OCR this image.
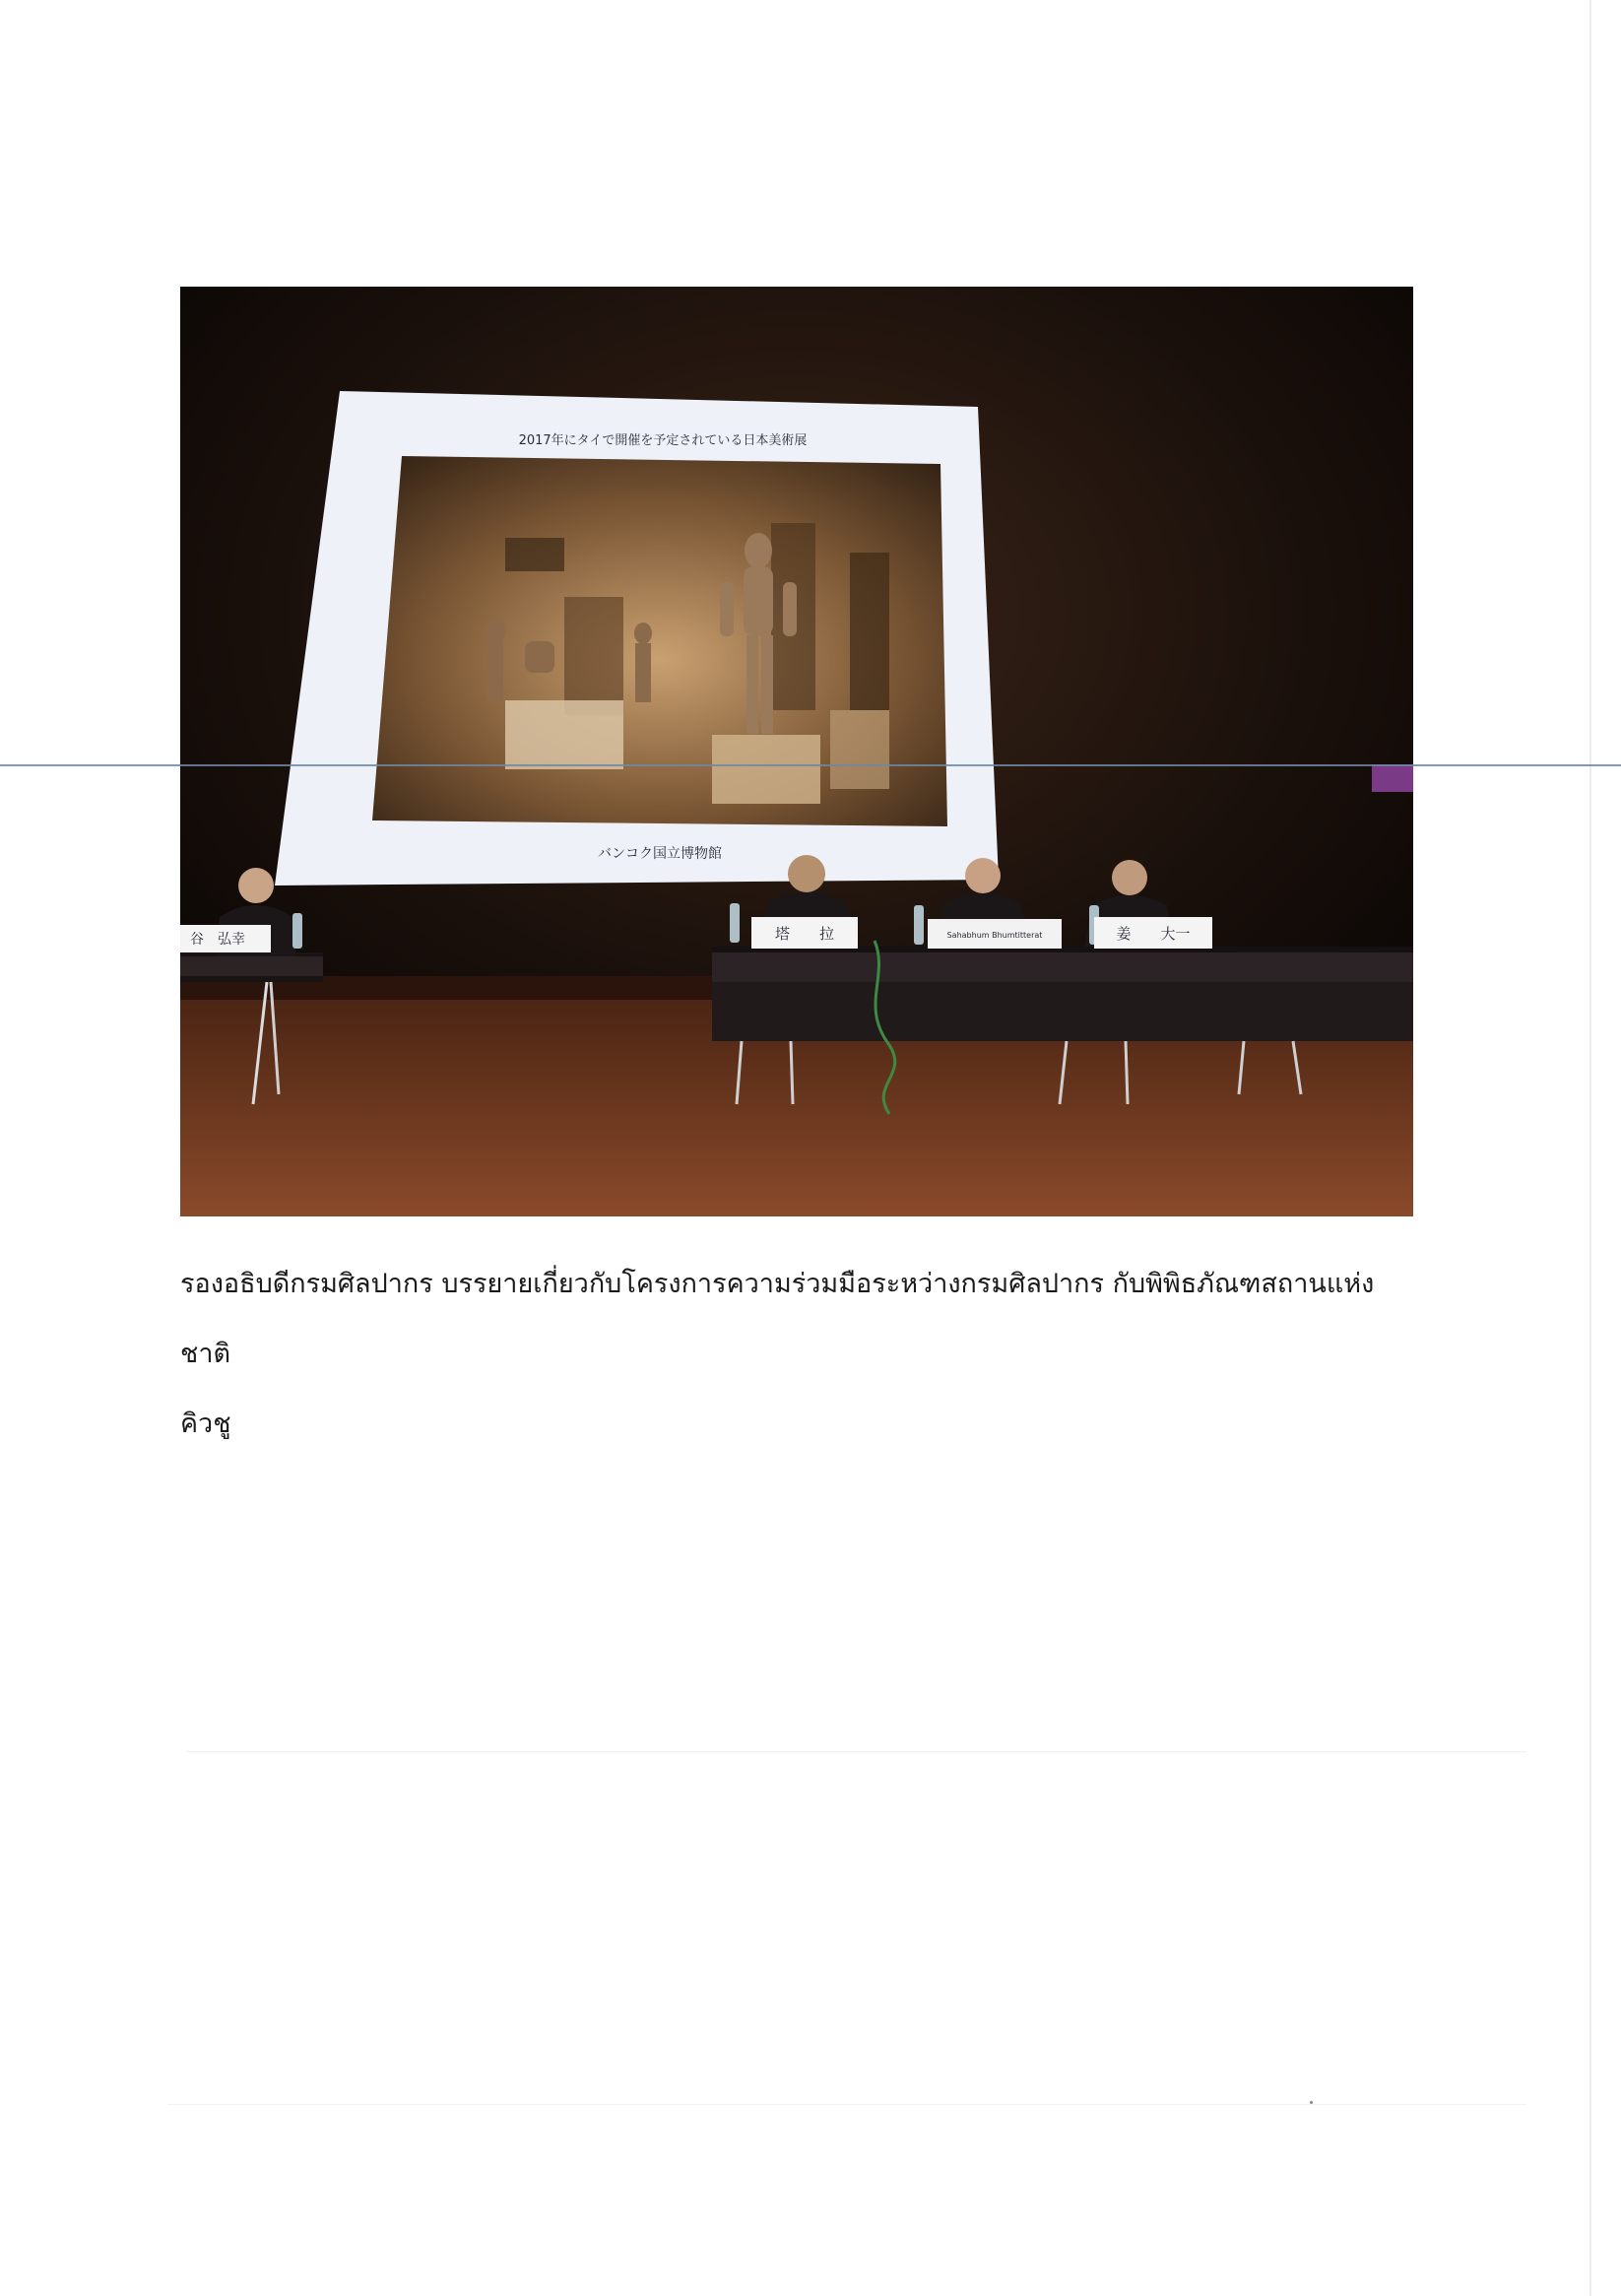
2017年にタイで開催を予定されている日本美術展
バンコク国立博物館
谷　弘幸	塔　　拉	Sahabhum Bhumtitterat	姜　　大一

รองอธิบดีกรมศิลปากร บรรยายเกี่ยวกับโครงการความร่วมมือระหว่างกรมศิลปากร กับพิพิธภัณฑสถานแห่งชาติ

คิวชู
